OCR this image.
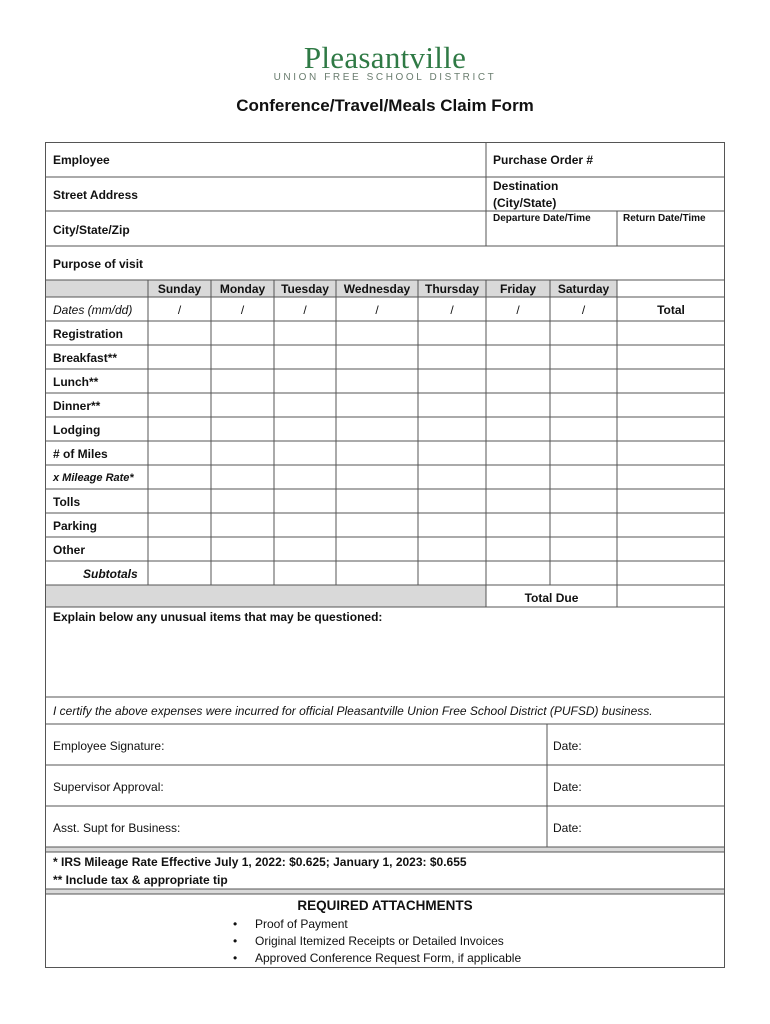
Pleasantville
UNION FREE SCHOOL DISTRICT
Conference/Travel/Meals Claim Form
Employee	Purchase Order #
Street Address
Destination
(City/State)
City/State/Zip
Departure Date/Time	Return Date/Time
Purpose of visit
Sunday	Monday	Tuesday	Wednesday	Thursday	Friday	Saturday
Dates (mm/dd)	/	/	/	/	/	/	/	Total
Registration
Breakfast**
Lunch**
Dinner**
Lodging
# of Miles
x Mileage Rate*
Tolls
Parking
Other
Subtotals
Total Due
Explain below any unusual items that may be questioned:
I certify the above expenses were incurred for official Pleasantville Union Free School District (PUFSD) business.
Employee Signature:	Date:
Supervisor Approval:	Date:
Asst. Supt for Business:	Date:
* IRS Mileage Rate Effective July 1, 2022: $0.625; January 1, 2023: $0.655
** Include tax & appropriate tip
REQUIRED ATTACHMENTS
• Proof of Payment
• Original Itemized Receipts or Detailed Invoices
• Approved Conference Request Form, if applicable
